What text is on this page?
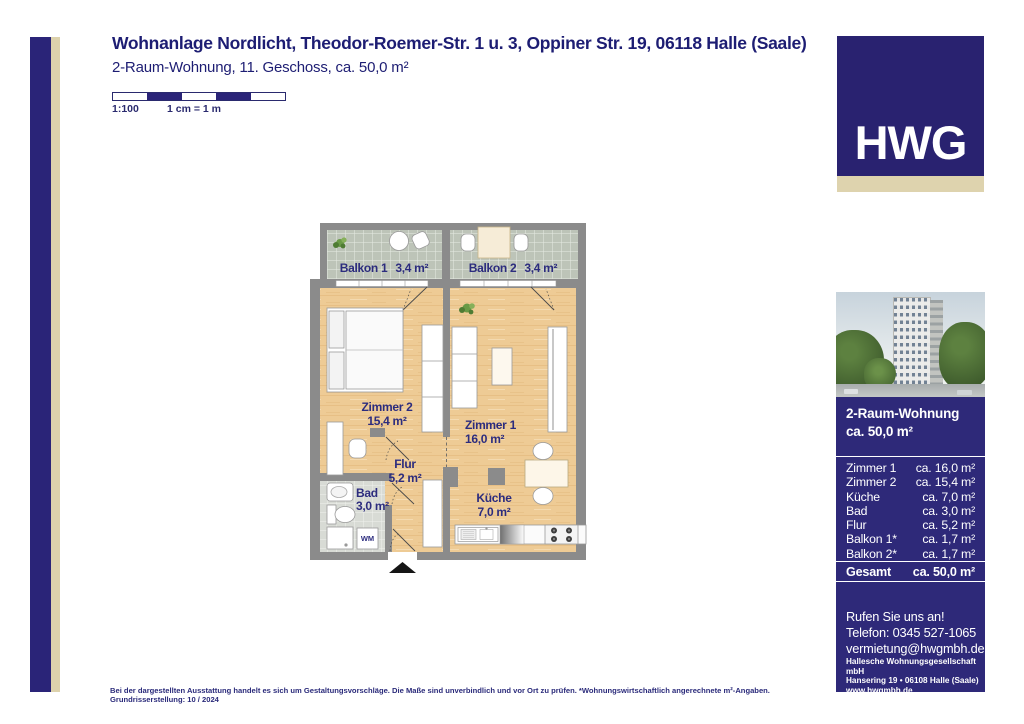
Wohnanlage Nordlicht, Theodor-Roemer-Str. 1 u. 3, Oppiner Str. 19, 06118 Halle (Saale)
2-Raum-Wohnung, 11. Geschoss, ca. 50,0 m²
1:100	1 cm = 1 m
HWG
2-Raum-Wohnung
ca. 50,0 m²
Zimmer 1 ca. 16,0 m²
Zimmer 2 ca. 15,4 m²
Küche	ca. 7,0 m²
Bad	ca. 3,0 m²
Flur	ca. 5,2 m²
Balkon 1* ca. 1,7 m²
Balkon 2* ca. 1,7 m²
Gesamt ca. 50,0 m²
Rufen Sie uns an!
Telefon: 0345 527-1065
vermietung@hwgmbh.de
Hallesche Wohnungsgesellschaft mbH
Hansering 19 • 06108 Halle (Saale)
www.hwgmbh.de
Balkon 1 3,4 m²	Balkon 2 3,4 m²
Zimmer 2
15,4 m²	Zimmer 1
16,0 m²
Flur
5,2 m²
Bad
3,0 m²
Küche
7,0 m²
WM
Bei der dargestellten Ausstattung handelt es sich um Gestaltungsvorschläge. Die Maße sind unverbindlich und vor Ort zu prüfen. *Wohnungswirtschaftlich angerechnete m²-Angaben. Grundrisserstellung: 10 / 2024
